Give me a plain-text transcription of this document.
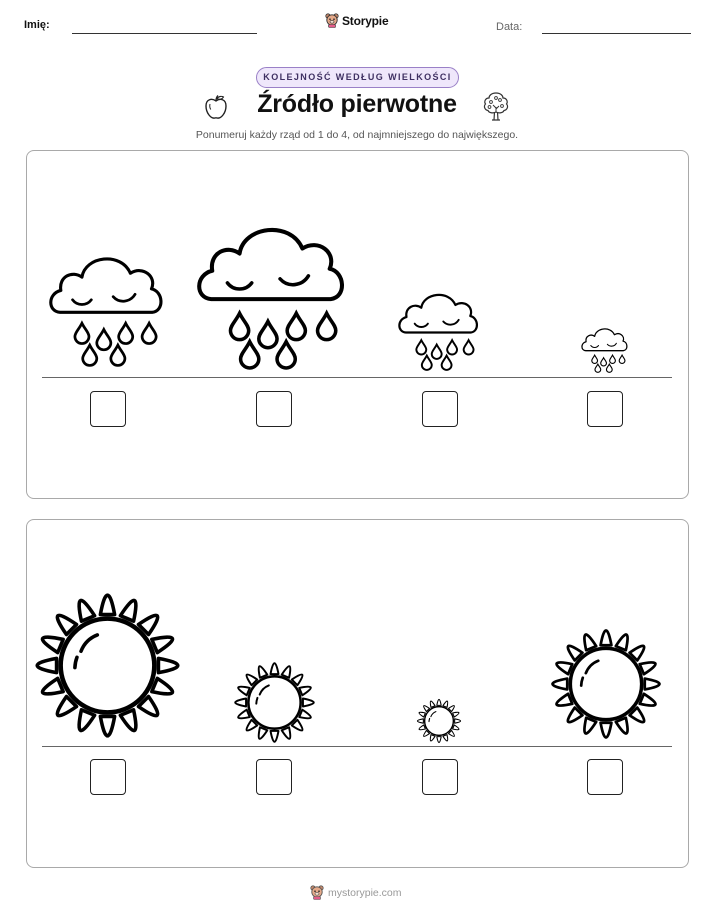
Imię:	Storypie	Data:
KOLEJNOŚĆ WEDŁUG WIELKOŚCI
Źródło pierwotne
Ponumeruj każdy rząd od 1 do 4, od najmniejszego do największego.
mystorypie.com
